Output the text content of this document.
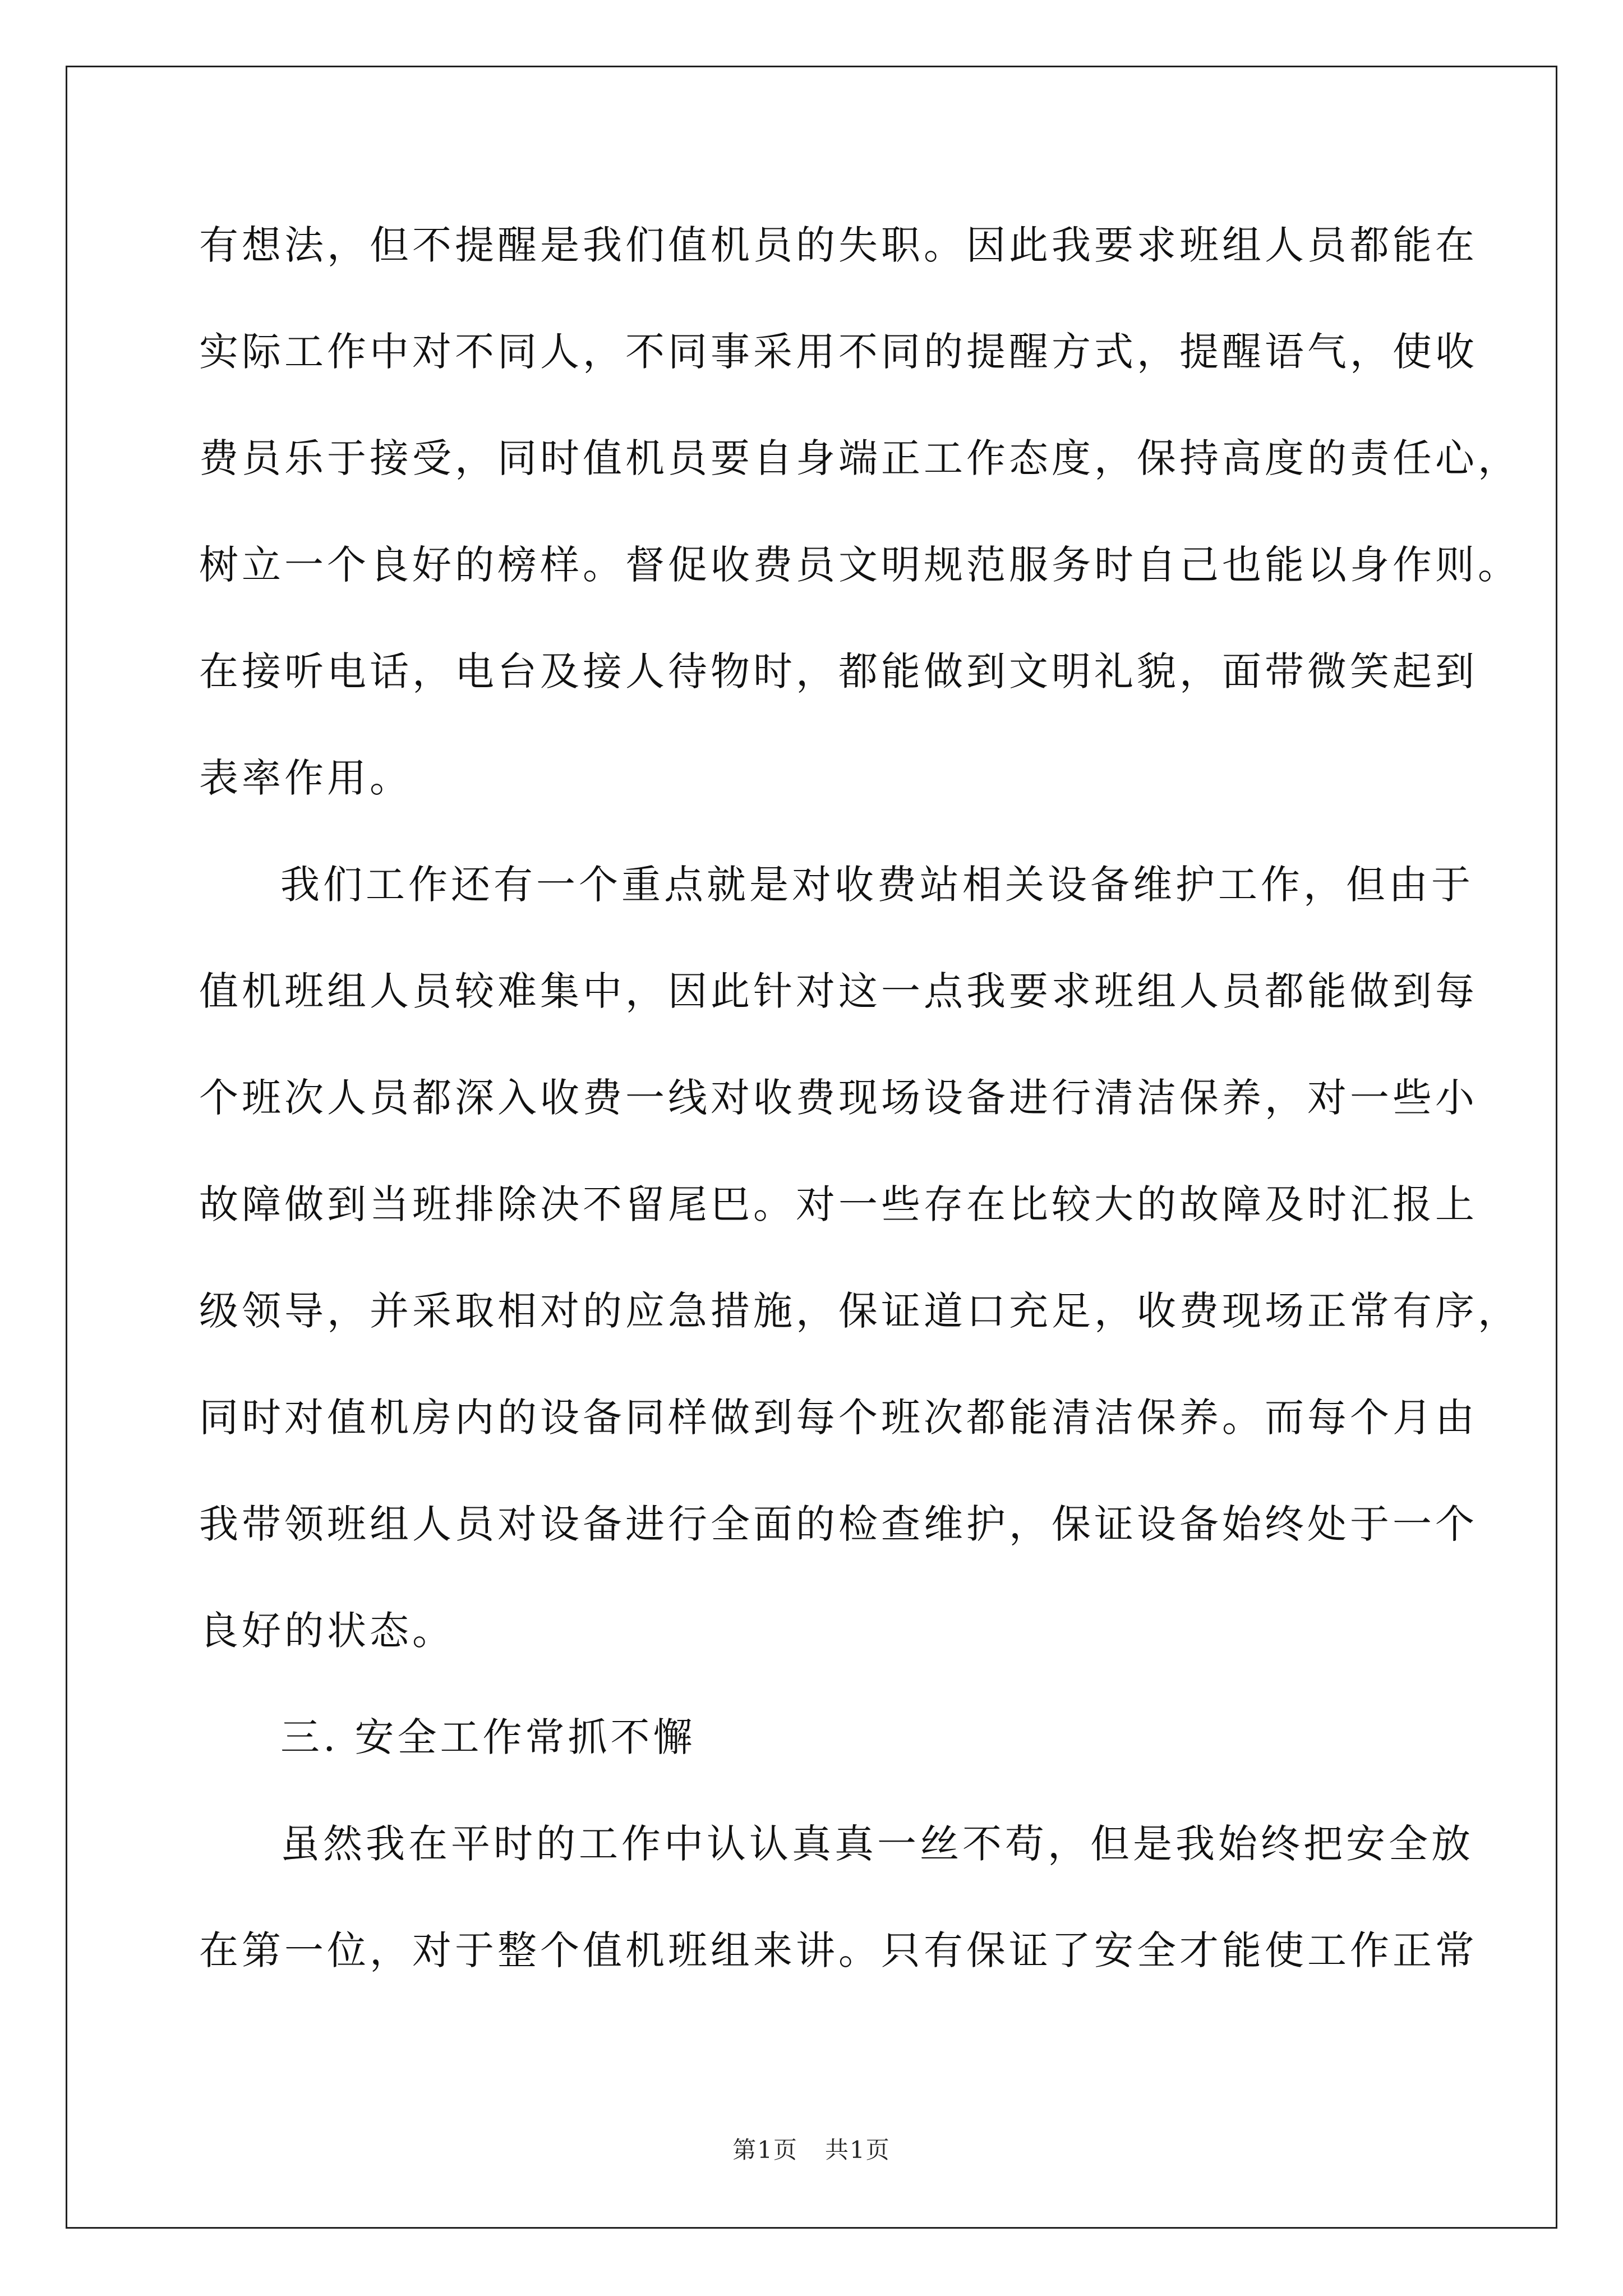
有想法，但不提醒是我们值机员的失职。因此我要求班组人员都能在
实际工作中对不同人，不同事采用不同的提醒方式，提醒语气，使收
费员乐于接受，同时值机员要自身端正工作态度，保持高度的责任心，
树立一个良好的榜样。督促收费员文明规范服务时自己也能以身作则。
在接听电话，电台及接人待物时，都能做到文明礼貌，面带微笑起到
表率作用。
我们工作还有一个重点就是对收费站相关设备维护工作，但由于
值机班组人员较难集中，因此针对这一点我要求班组人员都能做到每
个班次人员都深入收费一线对收费现场设备进行清洁保养，对一些小
故障做到当班排除决不留尾巴。对一些存在比较大的故障及时汇报上
级领导，并采取相对的应急措施，保证道口充足，收费现场正常有序，
同时对值机房内的设备同样做到每个班次都能清洁保养。而每个月由
我带领班组人员对设备进行全面的检查维护，保证设备始终处于一个
良好的状态。
三. 安全工作常抓不懈
虽然我在平时的工作中认认真真一丝不苟，但是我始终把安全放
在第一位，对于整个值机班组来讲。只有保证了安全才能使工作正常
第1页 共1页
